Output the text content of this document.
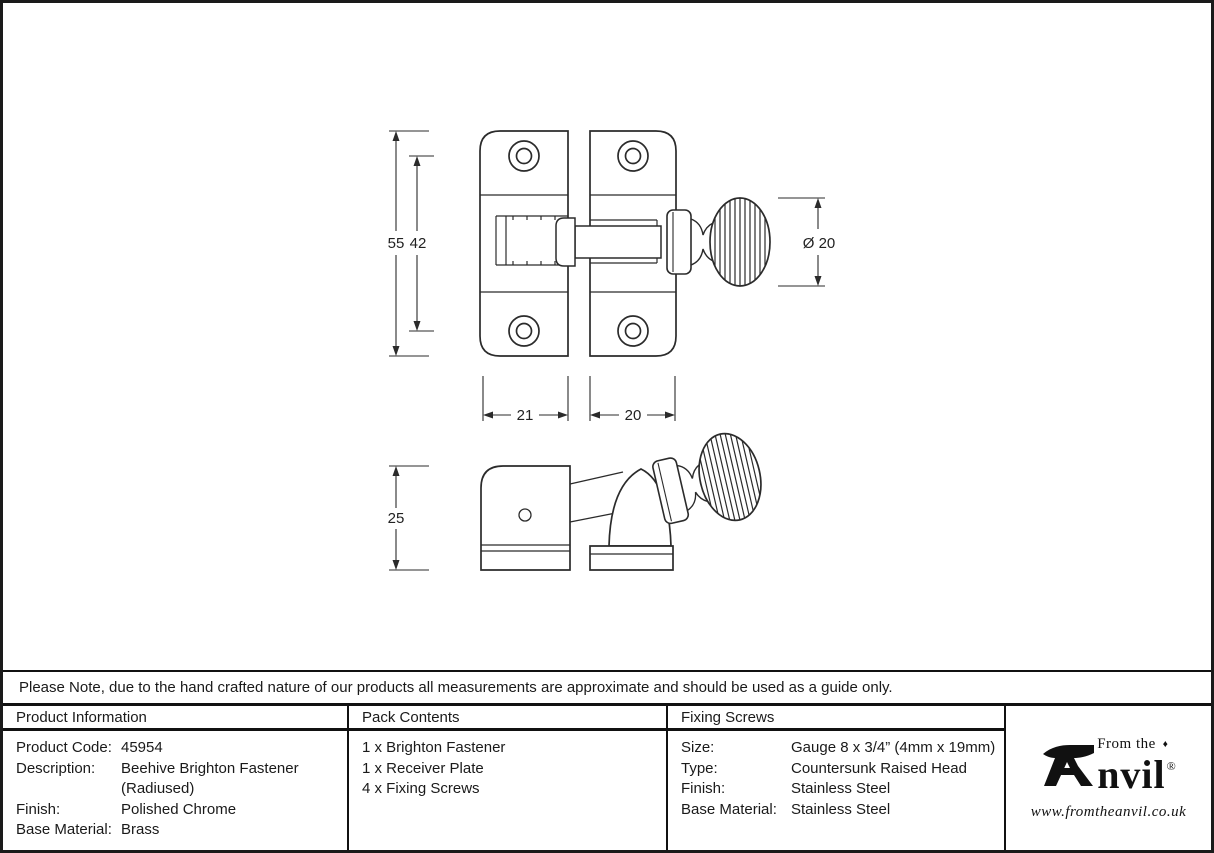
55 42
21	20
Ø 20
25
Please Note, due to the hand crafted nature of our products all measurements are approximate and should be used as a guide only.
Product Information
Product Code: 45954
Description:	Beehive Brighton Fastener
(Radiused)
Finish:	Polished Chrome
Base Material: Brass
Pack Contents
1 x Brighton Fastener
1 x Receiver Plate
4 x Fixing Screws
Fixing Screws
Size:	Gauge 8 x 3/4” (4mm x 19mm)
Type:	Countersunk Raised Head
Finish:	Stainless Steel
Base Material: Stainless Steel
From the ♦
nvil®
www.fromtheanvil.co.uk
